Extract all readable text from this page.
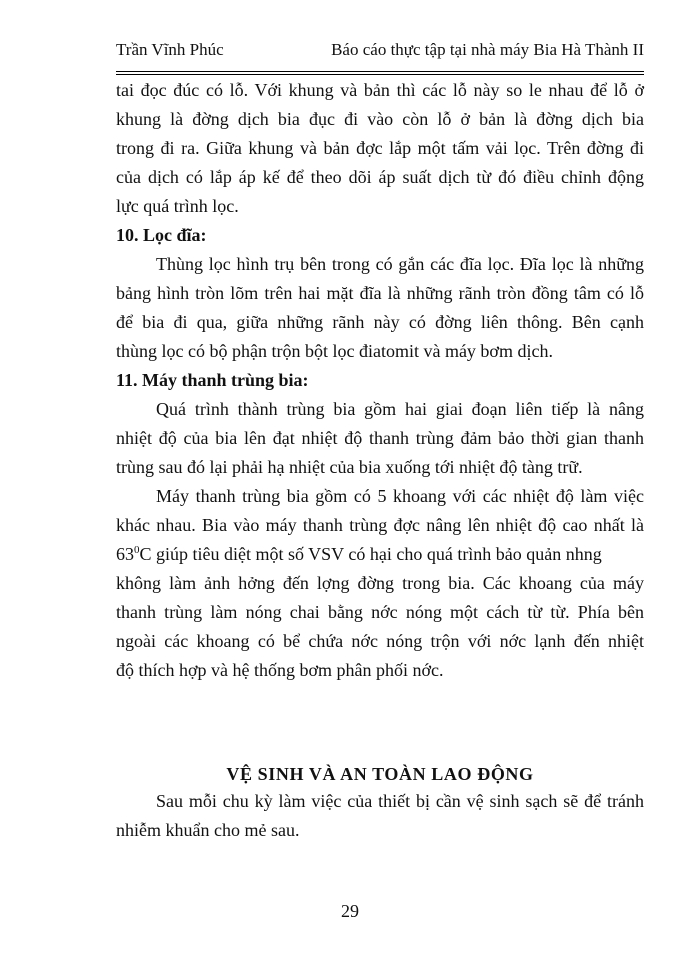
Trần Vĩnh Phúc	Báo cáo thực tập tại nhà máy Bia Hà Thành II
tai đọc đúc có lỗ. Với khung và bản thì các lỗ này so le nhau để lỗ ở
khung là đờng dịch bia đục đi vào còn lỗ ở bản là đờng dịch bia
trong đi ra. Giữa khung và bản đợc lắp một tấm vải lọc. Trên đờng đi
của dịch có lắp áp kế để theo dõi áp suất dịch từ đó điều chỉnh động
lực quá trình lọc.
10. Lọc đĩa:
Thùng lọc hình trụ bên trong có gắn các đĩa lọc. Đĩa lọc là những
bảng hình tròn lõm trên hai mặt đĩa là những rãnh tròn đồng tâm có lỗ
để bia đi qua, giữa những rãnh này có đờng liên thông. Bên cạnh
thùng lọc có bộ phận trộn bột lọc điatomit và máy bơm dịch.
11. Máy thanh trùng bia:
Quá trình thành trùng bia gồm hai giai đoạn liên tiếp là nâng
nhiệt độ của bia lên đạt nhiệt độ thanh trùng đảm bảo thời gian thanh
trùng sau đó lại phải hạ nhiệt của bia xuống tới nhiệt độ tàng trữ.
Máy thanh trùng bia gồm có 5 khoang với các nhiệt độ làm việc
khác nhau. Bia vào máy thanh trùng đợc nâng lên nhiệt độ cao nhất là
$63^0C$ giúp tiêu diệt một số VSV có hại cho quá trình bảo quản nhng
không làm ảnh hởng đến lợng đờng trong bia. Các khoang của máy
thanh trùng làm nóng chai bằng nớc nóng một cách từ từ. Phía bên
ngoài các khoang có bể chứa nớc nóng trộn với nớc lạnh đến nhiệt
độ thích hợp và hệ thống bơm phân phối nớc.
VỆ SINH VÀ AN TOÀN LAO ĐỘNG
Sau mỗi chu kỳ làm việc của thiết bị cần vệ sinh sạch sẽ để tránh
nhiễm khuẩn cho mẻ sau.
29
